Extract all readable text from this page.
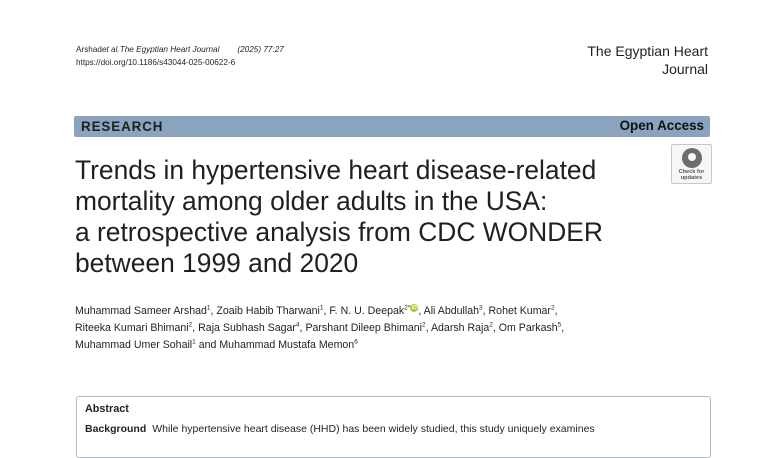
Arshad et al. The Egyptian Heart Journal (2025) 77:27
https://doi.org/10.1186/s43044-025-00622-6
The Egyptian Heart
Journal
RESEARCH	Open Access
Trends in hypertensive heart disease-related
mortality among older adults in the USA:
a retrospective analysis from CDC WONDER
between 1999 and 2020
Check for
updates
Muhammad Sameer Arshad$^1$, Zoaib Habib Tharwani$^1$, F. N. U. Deepak$^{2*}$ iD , Ali Abdullah$^3$, Rohet Kumar$^2$,
Riteeka Kumari Bhimani$^2$, Raja Subhash Sagar$^4$, Parshant Dileep Bhimani$^2$, Adarsh Raja$^2$, Om Parkash$^5$,
Muhammad Umer Sohail$^1$ and Muhammad Mustafa Memon$^6$
Abstract
Background While hypertensive heart disease (HHD) has been widely studied, this study uniquely examines
